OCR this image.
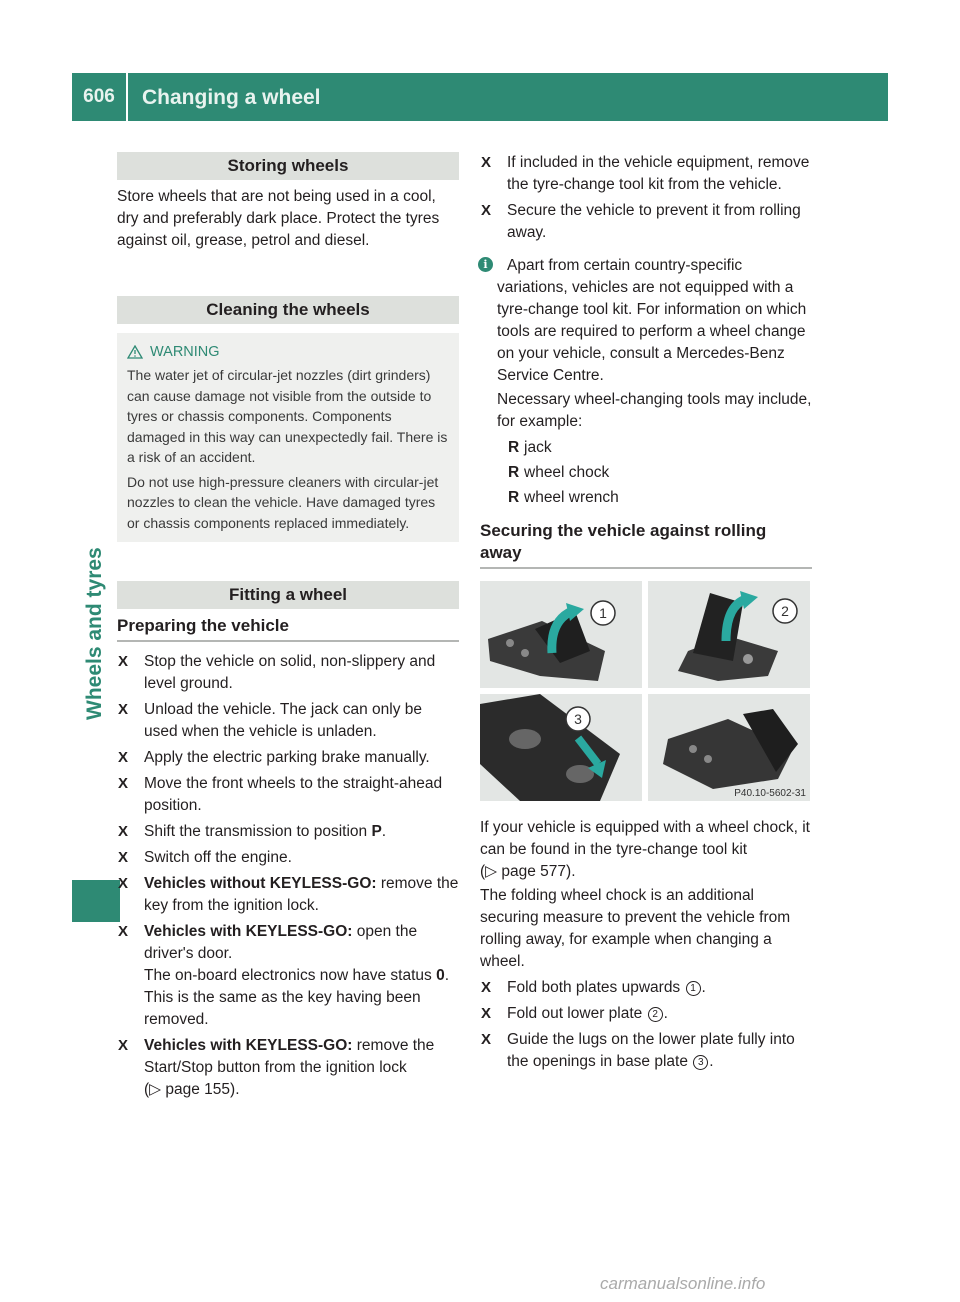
606	Changing a wheel
Wheels and tyres
Storing wheels

Store wheels that are not being used in a cool, dry and preferably dark place. Protect the tyres against oil, grease, petrol and diesel.

Cleaning the wheels
WARNING

The water jet of circular-jet nozzles (dirt grinders) can cause damage not visible from the outside to tyres or chassis components. Components damaged in this way can unexpectedly fail. There is a risk of an accident.

Do not use high-pressure cleaners with circular-jet nozzles to clean the vehicle. Have damaged tyres or chassis components replaced immediately.

Fitting a wheel
Preparing the vehicle
X Stop the vehicle on solid, non-slippery and level ground.
X Unload the vehicle. The jack can only be used when the vehicle is unladen.
X Apply the electric parking brake manually.
X Move the front wheels to the straight-ahead position.
X Shift the transmission to position P.
X Switch off the engine.
X Vehicles without KEYLESS-GO: remove the key from the ignition lock.
X Vehicles with KEYLESS-GO: open the driver's door.
The on-board electronics now have status 0. This is the same as the key having been removed.
X Vehicles with KEYLESS-GO: remove the Start/Stop button from the ignition lock
(▷ page 155).
X If included in the vehicle equipment, remove the tyre-change tool kit from the vehicle.
X Secure the vehicle to prevent it from rolling away.
i	Apart from certain country-specific variations, vehicles are not equipped with a tyre-change tool kit. For information on which tools are required to perform a wheel change on your vehicle, consult a Mercedes-Benz Service Centre.

Necessary wheel-changing tools may include, for example:

R jack
R wheel chock
R wheel wrench
Securing the vehicle against rolling away
1	2
3
P40.10-5602-31

If your vehicle is equipped with a wheel chock, it can be found in the tyre-change tool kit
(▷ page 577).

The folding wheel chock is an additional securing measure to prevent the vehicle from rolling away, for example when changing a wheel.

X Fold both plates upwards 1 .
X Fold out lower plate 2 .
X Guide the lugs on the lower plate fully into the openings in base plate 3 .
carmanualsonline.info
